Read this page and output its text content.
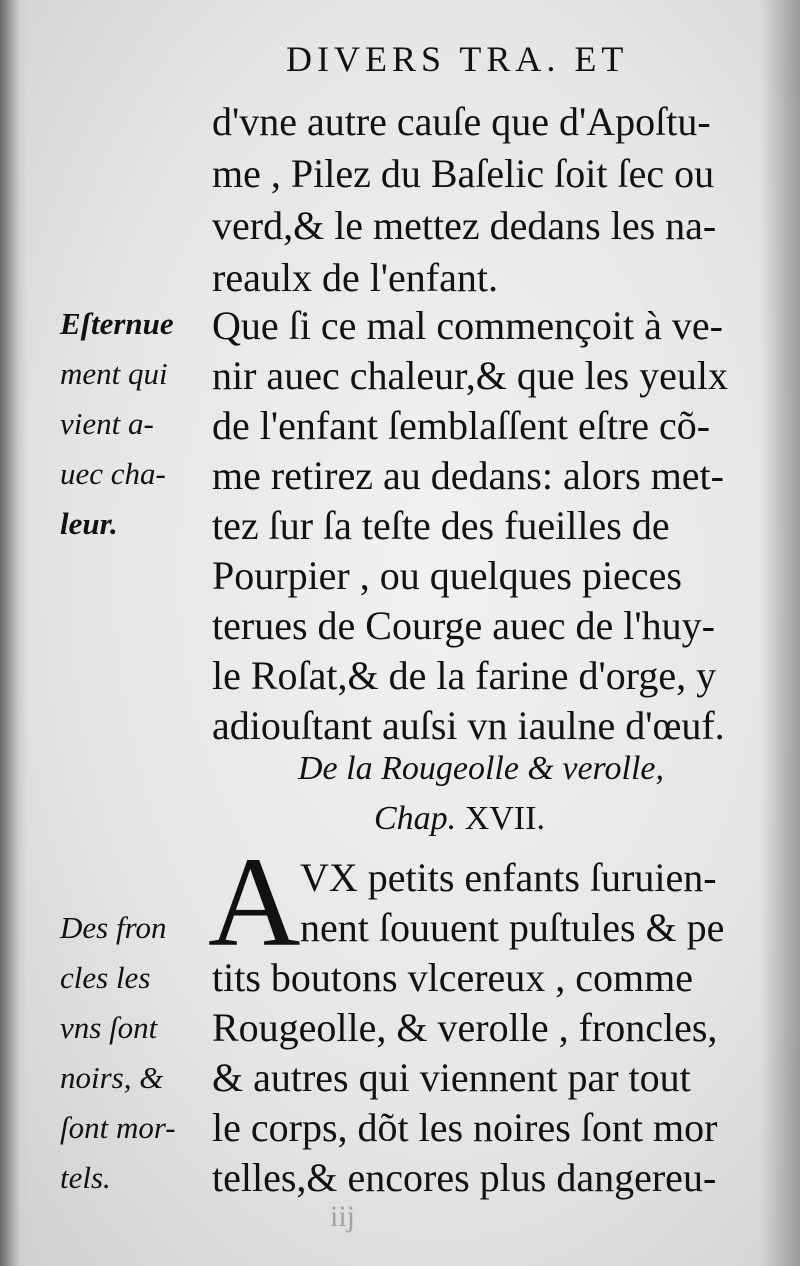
DIVERS TRA. ET
d'vne autre cauſe que d'Apoſtu-
me , Pilez du Baſelic ſoit ſec ou
verd,& le mettez dedans les na-
reaulx de l'enfant.
Que ſi ce mal commençoit à ve-
nir auec chaleur,& que les yeulx
de l'enfant ſemblaſſent eſtre cõ-
me retirez au dedans: alors met-
tez ſur ſa teſte des fueilles de
Pourpier , ou quelques pieces
terues de Courge auec de l'huy-
le Roſat,& de la farine d'orge, y
adiouſtant auſsi vn iaulne d'œuf.
Eſternue
ment qui
vient a-
uec cha-
leur.
De la Rougeolle & verolle,
Chap. XVII.
A VX petits enfants ſuruien-
nent ſouuent puſtules & pe
tits boutons vlcereux , comme
Rougeolle, & verolle , froncles,
& autres qui viennent par tout
le corps, dõt les noires ſont mor
telles,& encores plus dangereu-
Des fron
cles les
vns ſont
noirs, &
ſont mor-
tels.
iij
